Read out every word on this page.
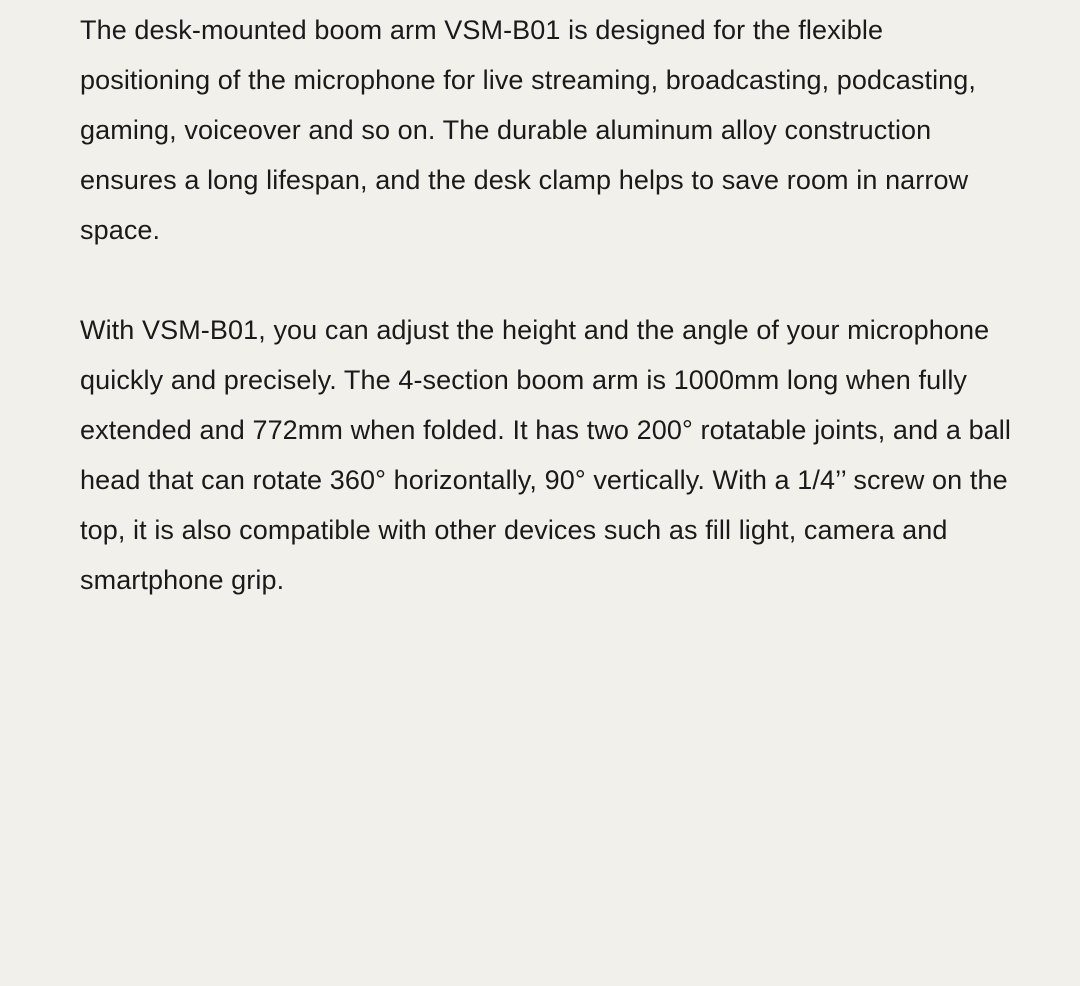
The desk-mounted boom arm VSM-B01 is designed for the flexible positioning of the microphone for live streaming, broadcasting, podcasting, gaming, voiceover and so on. The durable aluminum alloy construction ensures a long lifespan, and the desk clamp helps to save room in narrow space.

With VSM-B01, you can adjust the height and the angle of your microphone quickly and precisely. The 4-section boom arm is 1000mm long when fully extended and 772mm when folded. It has two 200° rotatable joints, and a ball head that can rotate 360° horizontally, 90° vertically. With a 1/4’’ screw on the top, it is also compatible with other devices such as fill light, camera and smartphone grip.
